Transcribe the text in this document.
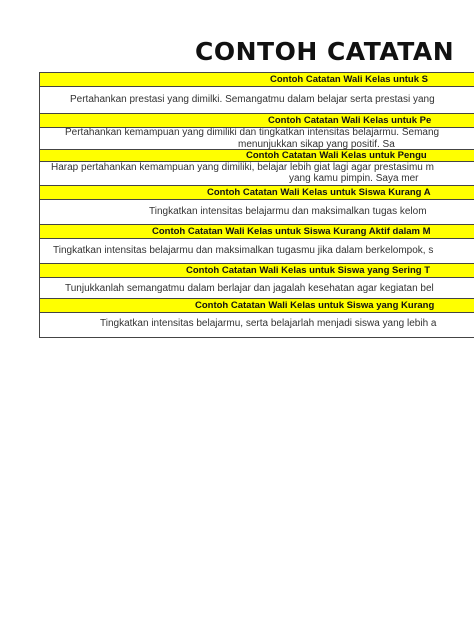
CONTOH CATATAN
Contoh Catatan Wali Kelas untuk S
Pertahankan prestasi yang dimilki. Semangatmu dalam belajar serta prestasi yang
Contoh Catatan Wali Kelas untuk Pe
Pertahankan kemampuan yang dimiliki dan tingkatkan intensitas belajarmu. Semang
menunjukkan sikap yang positif. Sa
Contoh Catatan Wali Kelas untuk Pengu
Harap pertahankan kemampuan yang dimiliki, belajar lebih giat lagi agar prestasimu m
yang kamu pimpin. Saya mer
Contoh Catatan Wali Kelas untuk Siswa Kurang A
Tingkatkan intensitas belajarmu dan maksimalkan tugas kelom
Contoh Catatan Wali Kelas untuk Siswa Kurang Aktif dalam M
Tingkatkan intensitas belajarmu dan maksimalkan tugasmu jika dalam berkelompok, s
Contoh Catatan Wali Kelas untuk Siswa yang Sering T
Tunjukkanlah semangatmu dalam berlajar dan jagalah kesehatan agar kegiatan bel
Contoh Catatan Wali Kelas untuk Siswa yang Kurang
Tingkatkan intensitas belajarmu, serta belajarlah menjadi siswa yang lebih a
